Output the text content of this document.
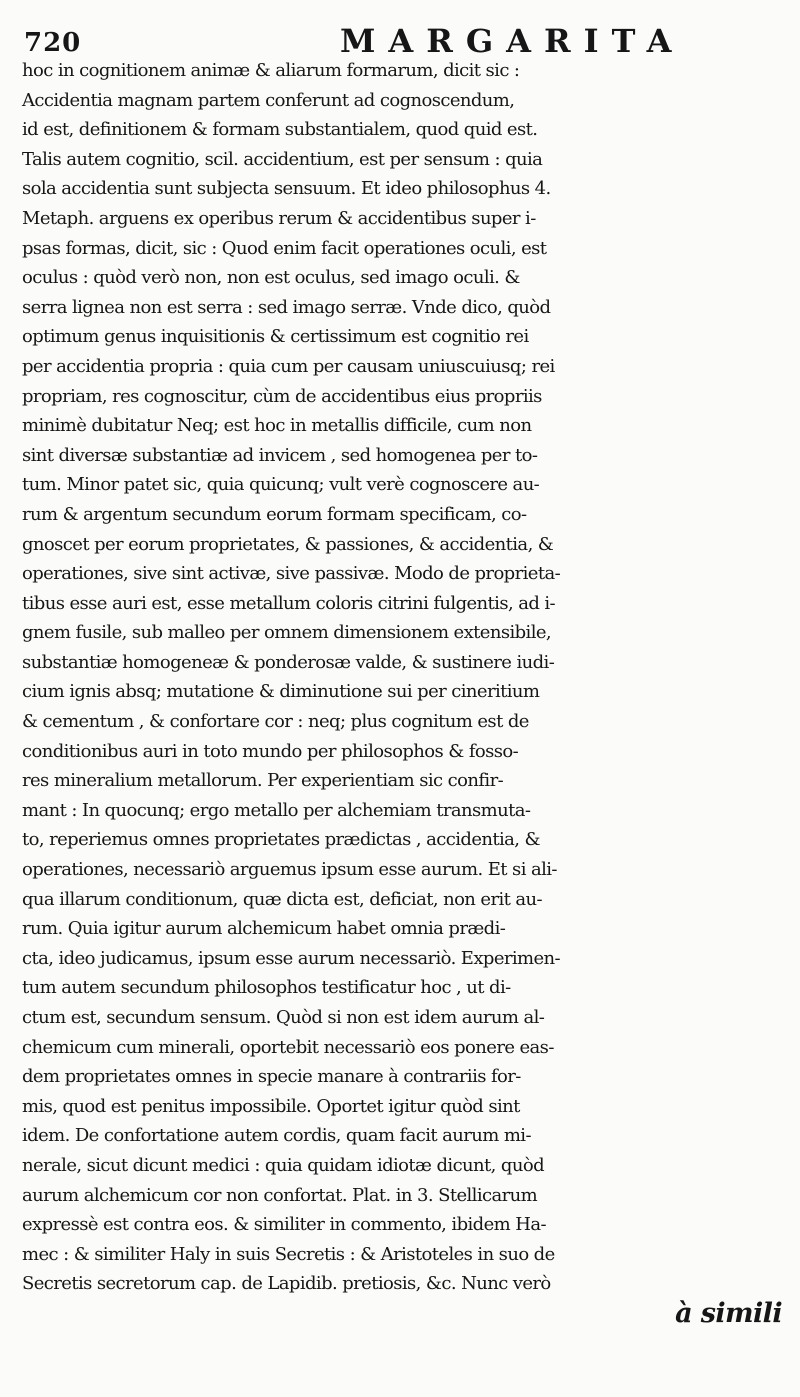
720	MARGARITA
hoc in cognitionem animæ & aliarum formarum, dicit sic :
Accidentia magnam partem conferunt ad cognoscendum,
id est, definitionem & formam substantialem, quod quid est.
Talis autem cognitio, scil. accidentium, est per sensum : quia
sola accidentia sunt subjecta sensuum. Et ideo philosophus 4.
Metaph. arguens ex operibus rerum & accidentibus super i-
psas formas, dicit, sic : Quod enim facit operationes oculi, est
oculus : quòd verò non, non est oculus, sed imago oculi. &
serra lignea non est serra : sed imago serræ. Vnde dico, quòd
optimum genus inquisitionis & certissimum est cognitio rei
per accidentia propria : quia cum per causam uniuscuiusq; rei
propriam, res cognoscitur, cùm de accidentibus eius propriis
minimè dubitatur Neq; est hoc in metallis difficile, cum non
sint diversæ substantiæ ad invicem , sed homogenea per to-
tum. Minor patet sic, quia quicunq; vult verè cognoscere au-
rum & argentum secundum eorum formam specificam, co-
gnoscet per eorum proprietates, & passiones, & accidentia, &
operationes, sive sint activæ, sive passivæ. Modo de proprieta-
tibus esse auri est, esse metallum coloris citrini fulgentis, ad i-
gnem fusile, sub malleo per omnem dimensionem extensibile,
substantiæ homogeneæ & ponderosæ valde, & sustinere iudi-
cium ignis absq; mutatione & diminutione sui per cineritium
& cementum , & confortare cor : neq; plus cognitum est de
conditionibus auri in toto mundo per philosophos & fosso-
res mineralium metallorum. Per experientiam sic confir-
mant : In quocunq; ergo metallo per alchemiam transmuta-
to, reperiemus omnes proprietates prædictas , accidentia, &
operationes, necessariò arguemus ipsum esse aurum. Et si ali-
qua illarum conditionum, quæ dicta est, deficiat, non erit au-
rum. Quia igitur aurum alchemicum habet omnia prædi-
cta, ideo judicamus, ipsum esse aurum necessariò. Experimen-
tum autem secundum philosophos testificatur hoc , ut di-
ctum est, secundum sensum. Quòd si non est idem aurum al-
chemicum cum minerali, oportebit necessariò eos ponere eas-
dem proprietates omnes in specie manare à contrariis for-
mis, quod est penitus impossibile. Oportet igitur quòd sint
idem. De confortatione autem cordis, quam facit aurum mi-
nerale, sicut dicunt medici : quia quidam idiotæ dicunt, quòd
aurum alchemicum cor non confortat. Plat. in 3. Stellicarum
expressè est contra eos. & similiter in commento, ibidem Ha-
mec : & similiter Haly in suis Secretis : & Aristoteles in suo de
Secretis secretorum cap. de Lapidib. pretiosis, &c. Nunc verò
à simili
